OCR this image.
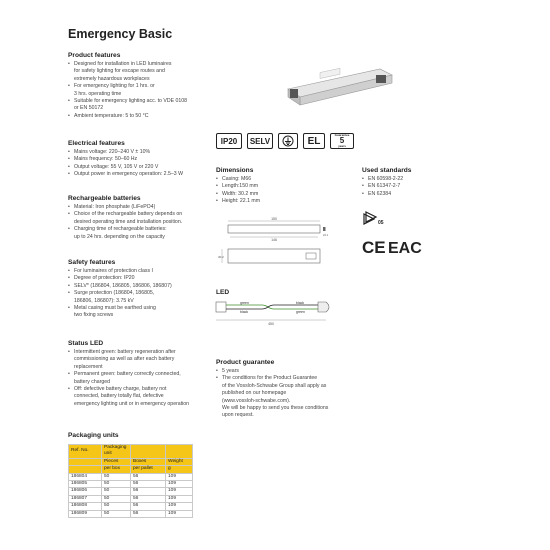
Emergency Basic
Product features
• Designed for installation in LED luminaires
for safety lighting for escape routes and
extremely hazardous workplaces
• For emergency lighting for 1 hrs. or
3 hrs. operating time
• Suitable for emergency lighting acc. to VDE 0108
or EN 50172
• Ambient temperature: 5 to 50 °C
Electrical features
• Mains voltage: 220–240 V ± 10%
• Mains frequency: 50–60 Hz
• Output voltage: 55 V, 105 V or 220 V
• Output power in emergency operation: 2.5–3 W
Rechargeable batteries
• Material: Iron phosphate (LiFePO4)
• Choice of the rechargeable battery depends on
desired operating time and installation position.
• Charging time of rechargeable batteries:
up to 24 hrs. depending on the capacity
Safety features
• For luminaires of protection class I
• Degree of protection: IP20
• SELV* (186804, 186805, 186806, 186807)
• Surge protection (186804, 186805,
186806, 186807): 3.75 kV
• Metal casing must be earthed using
two fixing screws
Status LED
• Intermittent green: battery regeneration after
commissioning as well as after each battery
replacement
• Permanent green: battery correctly connected,
battery charged
• Off: defective battery charge, battery not
connected, battery totally flat, defective
emergency lighting unit or in emergency operation
Packaging units
Ref. No.	Packaging unit		
	Pieces	Boxes	Weight
	per box	per pallet	g
186804	50	56	109
186805	50	56	109
186806	50	56	109
186807	50	56	109
186808	50	56	109
186809	50	56	109
IP20	SELV	EL
Guarantee
5
years
Dimensions
• Casing: M66
• Length:150 mm
• Width: 30.2 mm
• Height: 22.1 mm
150
146
30.2
22.1
LED
green
black
black
green
450
Used standards
• EN 60598-2-22
• EN 61347-2-7
• EN 62384
05
CE EAC
Product guarantee
• 5 years
• The conditions for the Product Guarantee
of the Vossloh-Schwabe Group shall apply as
published on our homepage
(www.vossloh-schwabe.com).
We will be happy to send you these conditions
upon request.
